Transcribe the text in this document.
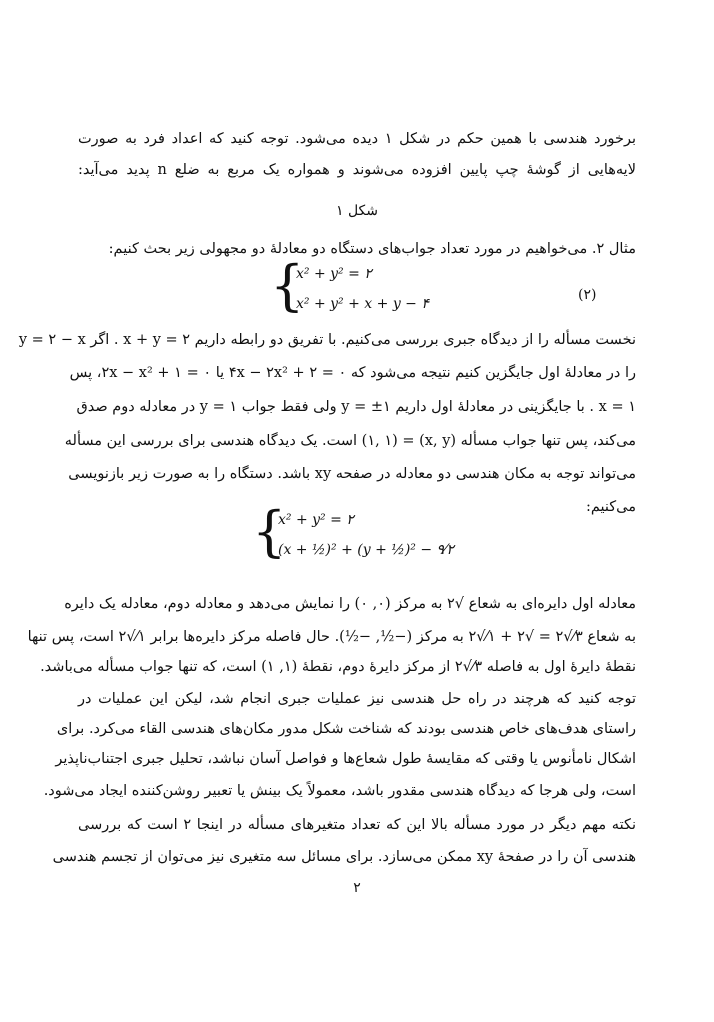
برخورد هندسی با همین حکم در شکل ۱ دیده می‌شود. توجه کنید که اعداد فرد به صورت
لایه‌هایی از گوشهٔ چپ پایین افزوده می‌شوند و همواره یک مربع به ضلع n پدید می‌آید:
شکل ۱
مثال ۲. می‌خواهیم در مورد تعداد جواب‌های دستگاه دو معادلهٔ دو مجهولی زیر بحث کنیم:
{
x² + y² = ۲
x² + y² + x + y − ۴
(۲)
نخست مسأله را از دیدگاه جبری بررسی می‌کنیم. با تفریق دو رابطه داریم x + y = ۲ . اگر y = ۲ − x
را در معادلهٔ اول جایگزین کنیم نتیجه می‌شود که ۰ = ۲ + ۴x − ۲x² یا ۰ = ۱ + ۲x − x²، پس
x = ۱ . با جایگزینی در معادلهٔ اول داریم y = ±۱ ولی فقط جواب y = ۱ در معادله دوم صدق
می‌کند، پس تنها جواب مسأله (x, y) = (۱, ۱) است. یک دیدگاه هندسی برای بررسی این مسأله
می‌تواند توجه به مکان هندسی دو معادله در صفحه xy باشد. دستگاه را به صورت زیر بازنویسی
می‌کنیم:
{
x² + y² = ۲
(x + ½)² + (y + ½)² − ۹⁄۲
معادله اول دایره‌ای به شعاع √۲ به مرکز (۰, ۰) را نمایش می‌دهد و معادله دوم، معادله یک دایره
به شعاع ۳⁄√۲ = √۲ + ۱⁄√۲ به مرکز (−½, −½). حال فاصله مرکز دایره‌ها برابر ۱⁄√۲ است، پس تنها
نقطهٔ دایرهٔ اول به فاصله ۳⁄√۲ از مرکز دایرهٔ دوم، نقطهٔ (۱, ۱) است، که تنها جواب مسأله می‌باشد.
توجه کنید که هرچند در راه حل هندسی نیز عملیات جبری انجام شد، لیکن این عملیات در
راستای هدف‌های خاص هندسی بودند که شناخت شکل مدور مکان‌های هندسی القاء می‌کرد. برای
اشکال نامأنوس یا وقتی که مقایسهٔ طول شعاع‌ها و فواصل آسان نباشد، تحلیل جبری اجتناب‌ناپذیر
است، ولی هرجا که دیدگاه هندسی مقدور باشد، معمولاً یک بینش یا تعبیر روشن‌کننده ایجاد می‌شود.
نکته مهم دیگر در مورد مسأله بالا این که تعداد متغیرهای مسأله در اینجا ۲ است که بررسی
هندسی آن را در صفحهٔ xy ممکن می‌سازد. برای مسائل سه متغیری نیز می‌توان از تجسم هندسی
۲
